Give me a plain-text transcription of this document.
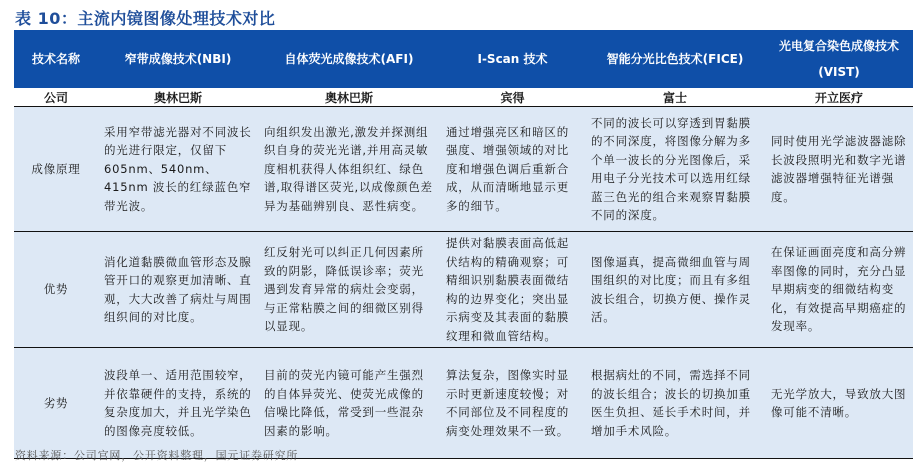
表 10：主流内镜图像处理技术对比
技术名称	窄带成像技术(NBI)	自体荧光成像技术(AFI)	I-Scan 技术	智能分光比色技术(FICE)	光电复合染色成像技术(VIST)
公司	奥林巴斯	奥林巴斯	宾得	富士	开立医疗
成像原理	采用窄带滤光器对不同波长的光进行限定，仅留下 605nm、540nm、415nm 波长的红绿蓝色窄带光波。	向组织发出激光,激发并探测组织自身的荧光光谱,并用高灵敏度相机获得人体组织红、绿色谱,取得谱区荧光,以成像颜色差异为基础辨别良、恶性病变。	通过增强亮区和暗区的强度、增强领域的对比度和增强色调后重新合成，从而清晰地显示更多的细节。	不同的波长可以穿透到胃黏膜的不同深度，将图像分解为多个单一波长的分光图像后，采用电子分光技术可以选用红绿蓝三色光的组合来观察胃黏膜不同的深度。	同时使用光学滤波器滤除长波段照明光和数字光谱滤波器增强特征光谱强度。
优势	消化道黏膜微血管形态及腺管开口的观察更加清晰、直观，大大改善了病灶与周围组织间的对比度。	红反射光可以纠正几何因素所致的阴影，降低误诊率；荧光遇到发育异常的病灶会变弱，与正常粘膜之间的细微区别得以显现。	提供对黏膜表面高低起伏结构的精确观察；可精细识别黏膜表面微结构的边界变化；突出显示病变及其表面的黏膜纹理和微血管结构。	图像逼真，提高微细血管与周围组织的对比度；而且有多组波长组合，切换方便、操作灵活。	在保证画面亮度和高分辨率图像的同时，充分凸显早期病变的细微结构变化，有效提高早期癌症的发现率。
劣势	波段单一、适用范围较窄，并依靠硬件的支持，系统的复杂度加大，并且光学染色的图像亮度较低。	目前的荧光内镜可能产生强烈的自体异荧光、使荧光成像的信噪比降低，常受到一些混杂因素的影响。	算法复杂，图像实时显示时更新速度较慢；对不同部位及不同程度的病变处理效果不一致。	根据病灶的不同，需选择不同的波长组合；波长的切换加重医生负担、延长手术时间，并增加手术风险。	无光学放大，导致放大图像可能不清晰。
资料来源：公司官网，公开资料整理，国元证券研究所
